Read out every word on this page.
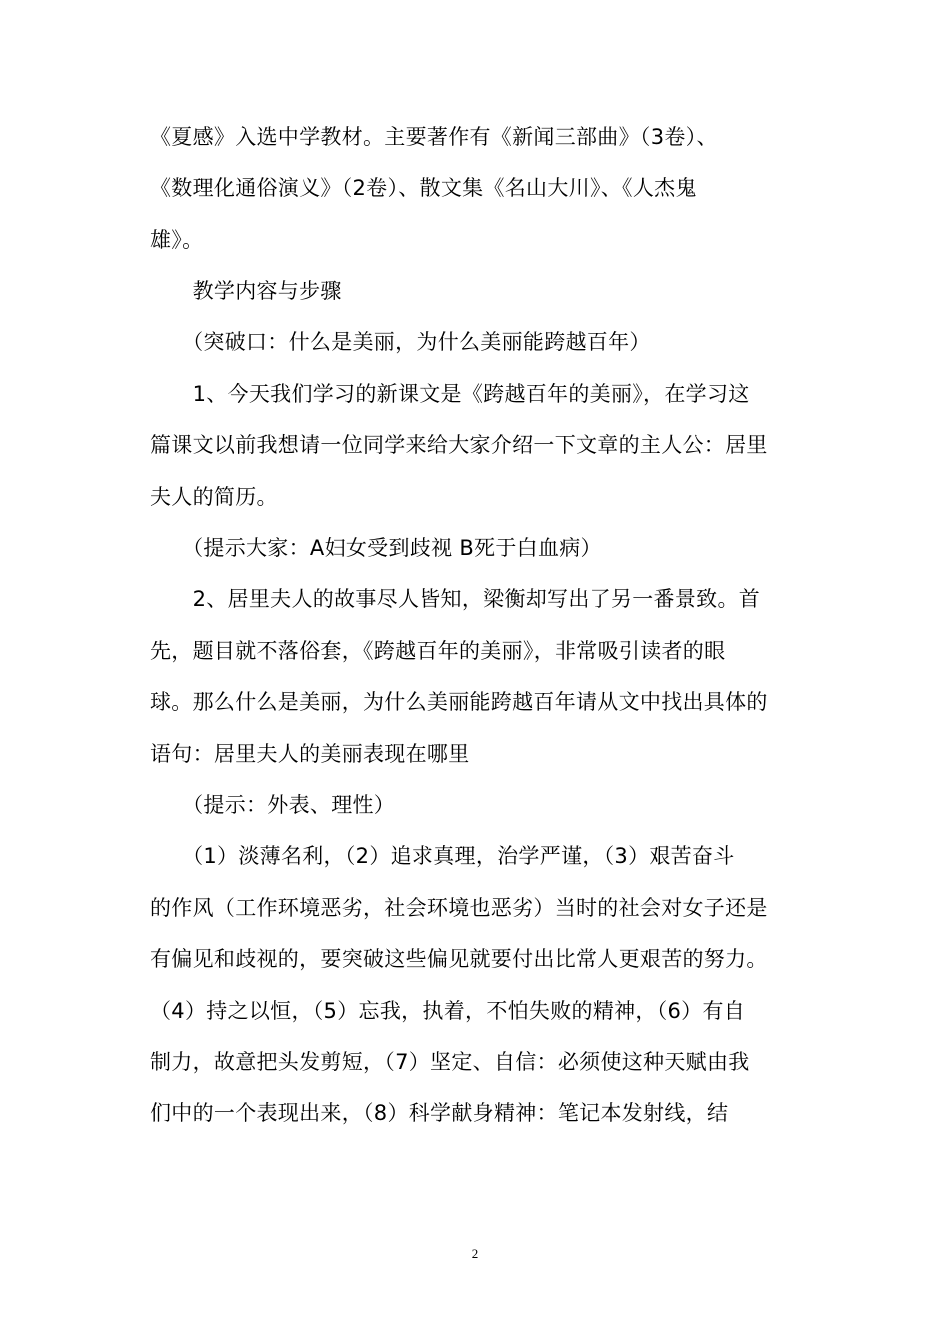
《夏感》入选中学教材。主要著作有《新闻三部曲》（3卷）、
《数理化通俗演义》（2卷）、散文集《名山大川》、《人杰鬼
雄》。
　　教学内容与步骤
　　（突破口：什么是美丽，为什么美丽能跨越百年）
　　1、今天我们学习的新课文是《跨越百年的美丽》，在学习这
篇课文以前我想请一位同学来给大家介绍一下文章的主人公：居里
夫人的简历。
　　（提示大家：A妇女受到歧视 B死于白血病）
　　2、居里夫人的故事尽人皆知，梁衡却写出了另一番景致。首
先，题目就不落俗套，《跨越百年的美丽》，非常吸引读者的眼
球。那么什么是美丽，为什么美丽能跨越百年请从文中找出具体的
语句：居里夫人的美丽表现在哪里
　　（提示：外表、理性）
　　（1）淡薄名利，（2）追求真理，治学严谨，（3）艰苦奋斗
的作风（工作环境恶劣，社会环境也恶劣）当时的社会对女子还是
有偏见和歧视的，要突破这些偏见就要付出比常人更艰苦的努力。
（4）持之以恒，（5）忘我，执着，不怕失败的精神，（6）有自
制力，故意把头发剪短，（7）坚定、自信：必须使这种天赋由我
们中的一个表现出来，（8）科学献身精神：笔记本发射线，结
2
